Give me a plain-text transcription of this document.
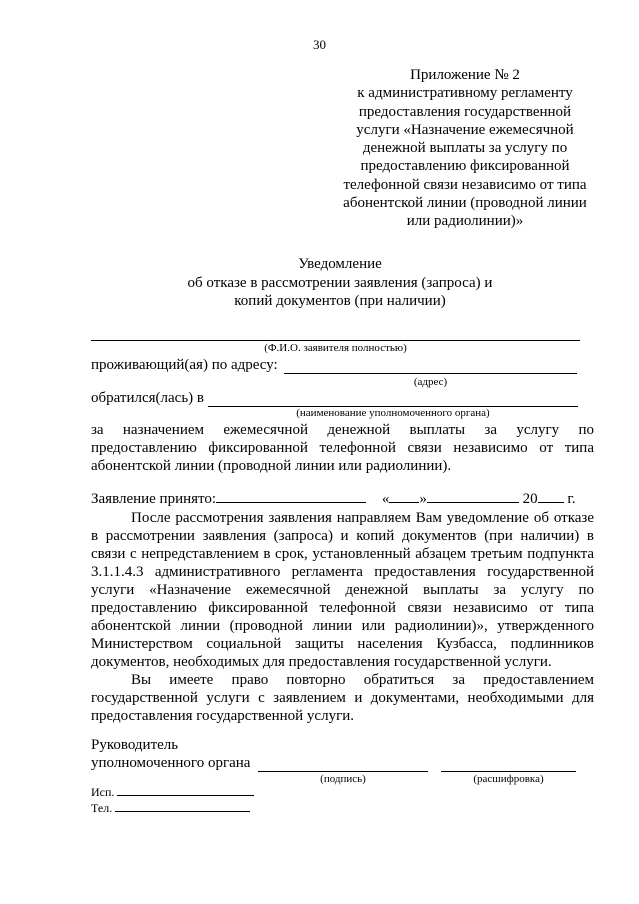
30
Приложение № 2
к административному регламенту
предоставления государственной
услуги «Назначение ежемесячной
денежной выплаты за услугу по
предоставлению фиксированной
телефонной связи независимо от типа
абонентской линии (проводной линии
или радиолинии)»
Уведомление
об отказе в рассмотрении заявления (запроса) и
копий документов (при наличии)
(Ф.И.О. заявителя полностью)
проживающий(ая) по адресу:
(адрес)
обратился(лась) в
(наименование уполномоченного органа)
за назначением ежемесячной денежной выплаты за услугу по
предоставлению фиксированной телефонной связи независимо от типа
абонентской линии (проводной линии или радиолинии).
Заявление принято:	« »	20 г.
После рассмотрения заявления направляем Вам уведомление об отказе
в рассмотрении заявления (запроса) и копий документов (при наличии) в
связи с непредставлением в срок, установленный абзацем третьим подпункта
3.1.1.4.3 административного регламента предоставления государственной
услуги «Назначение ежемесячной денежной выплаты за услугу по
предоставлению фиксированной телефонной связи независимо от типа
абонентской линии (проводной линии или радиолинии)», утвержденного
Министерством социальной защиты населения Кузбасса, подлинников
документов, необходимых для предоставления государственной услуги.
Вы имеете право повторно обратиться за предоставлением
государственной услуги с заявлением и документами, необходимыми для
предоставления государственной услуги.
Руководитель
уполномоченного органа
(подпись)	(расшифровка)
Исп.
Тел.
